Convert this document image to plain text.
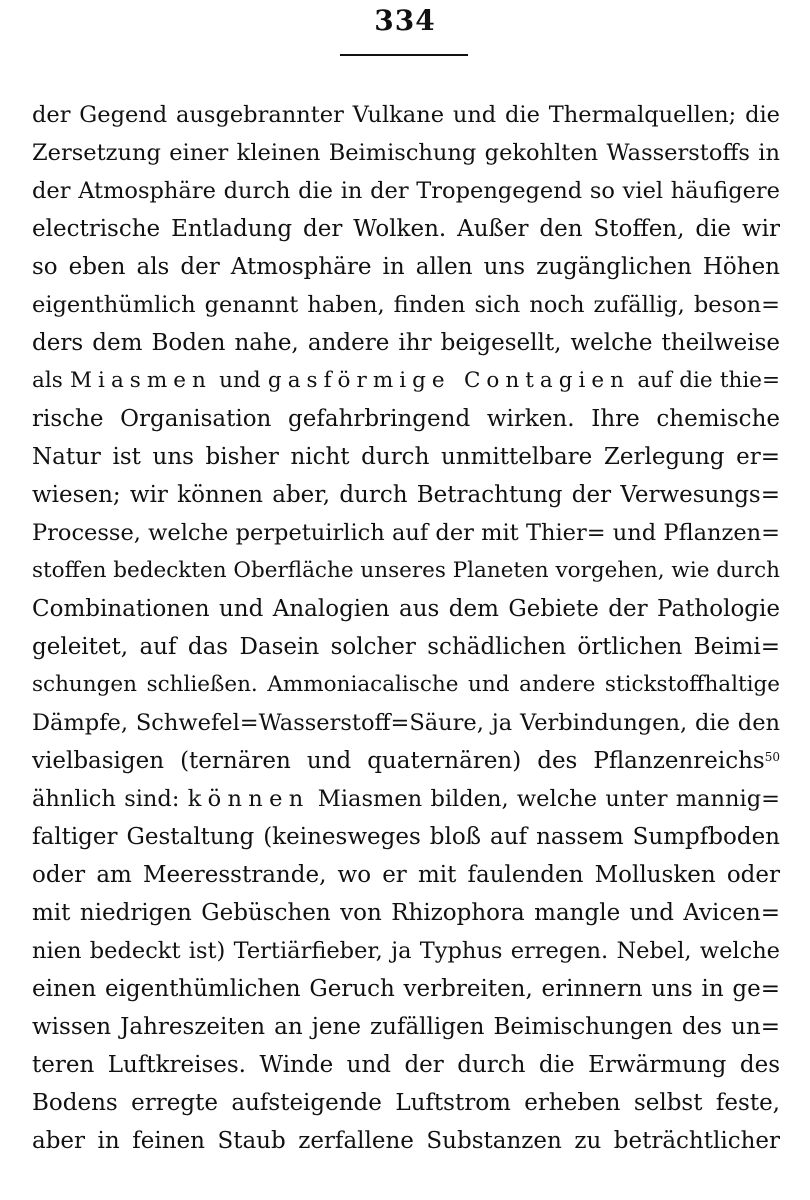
334
der Gegend ausgebrannter Vulkane und die Thermalquellen; die
Zersetzung einer kleinen Beimischung gekohlten Wasserstoffs in
der Atmosphäre durch die in der Tropengegend so viel häufigere
electrische Entladung der Wolken. Außer den Stoffen, die wir
so eben als der Atmosphäre in allen uns zugänglichen Höhen
eigenthümlich genannt haben, finden sich noch zufällig, beson=
ders dem Boden nahe, andere ihr beigesellt, welche theilweise
als Miasmen und gasförmige Contagien auf die thie=
rische Organisation gefahrbringend wirken. Ihre chemische
Natur ist uns bisher nicht durch unmittelbare Zerlegung er=
wiesen; wir können aber, durch Betrachtung der Verwesungs=
Processe, welche perpetuirlich auf der mit Thier= und Pflanzen=
stoffen bedeckten Oberfläche unseres Planeten vorgehen, wie durch
Combinationen und Analogien aus dem Gebiete der Pathologie
geleitet, auf das Dasein solcher schädlichen örtlichen Beimi=
schungen schließen. Ammoniacalische und andere stickstoffhaltige
Dämpfe, Schwefel=Wasserstoff=Säure, ja Verbindungen, die den
vielbasigen (ternären und quaternären) des Pflanzenreichs$^{50}$
ähnlich sind: können Miasmen bilden, welche unter mannig=
faltiger Gestaltung (keinesweges bloß auf nassem Sumpfboden
oder am Meeresstrande, wo er mit faulenden Mollusken oder
mit niedrigen Gebüschen von Rhizophora mangle und Avicen=
nien bedeckt ist) Tertiärfieber, ja Typhus erregen. Nebel, welche
einen eigenthümlichen Geruch verbreiten, erinnern uns in ge=
wissen Jahreszeiten an jene zufälligen Beimischungen des un=
teren Luftkreises. Winde und der durch die Erwärmung des
Bodens erregte aufsteigende Luftstrom erheben selbst feste,
aber in feinen Staub zerfallene Substanzen zu beträchtlicher
